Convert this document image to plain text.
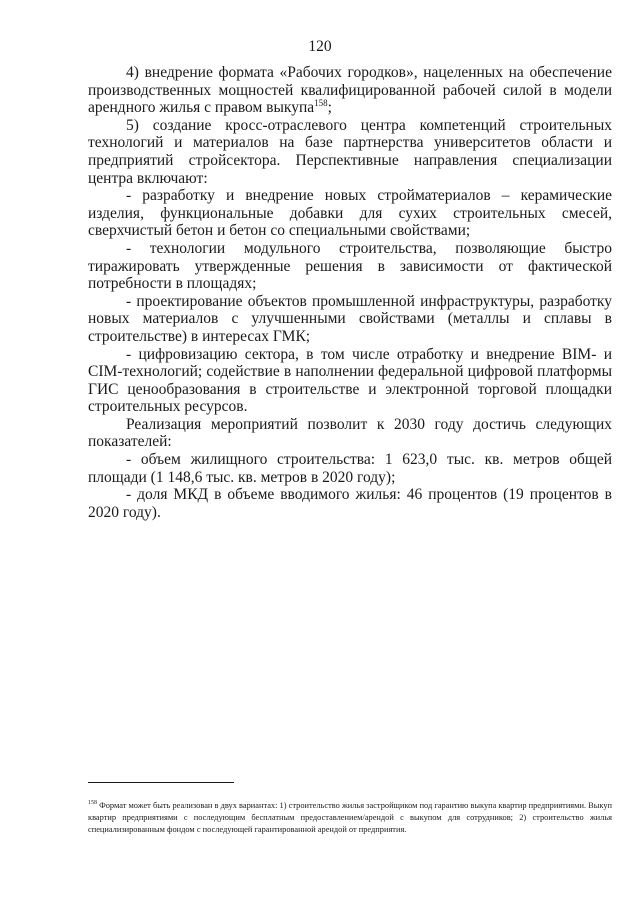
120

4) внедрение формата «Рабочих городков», нацеленных на обеспечение производственных мощностей квалифицированной рабочей силой в модели арендного жилья с правом выкупа$^{158}$;

5) создание кросс-отраслевого центра компетенций строительных технологий и материалов на базе партнерства университетов области и предприятий стройсектора. Перспективные направления специализации центра включают:

- разработку и внедрение новых стройматериалов – керамические изделия, функциональные добавки для сухих строительных смесей, сверхчистый бетон и бетон со специальными свойствами;

- технологии модульного строительства, позволяющие быстро тиражировать утвержденные решения в зависимости от фактической потребности в площадях;

- проектирование объектов промышленной инфраструктуры, разработку новых материалов с улучшенными свойствами (металлы и сплавы в строительстве) в интересах ГМК;

- цифровизацию сектора, в том числе отработку и внедрение BIM- и CIM-технологий; содействие в наполнении федеральной цифровой платформы ГИС ценообразования в строительстве и электронной торговой площадки строительных ресурсов.

Реализация мероприятий позволит к 2030 году достичь следующих показателей:

- объем жилищного строительства: 1 623,0 тыс. кв. метров общей площади (1 148,6 тыс. кв. метров в 2020 году);

- доля МКД в объеме вводимого жилья: 46 процентов (19 процентов в 2020 году).

$^{158}$ Формат может быть реализован в двух вариантах: 1) строительство жилья застройщиком под гарантию выкупа квартир предприятиями. Выкуп квартир предприятиями с последующим бесплатным предоставлением/арендой с выкупом для сотрудников; 2) строительство жилья специализированным фондом с последующей гарантированной арендой от предприятия.
